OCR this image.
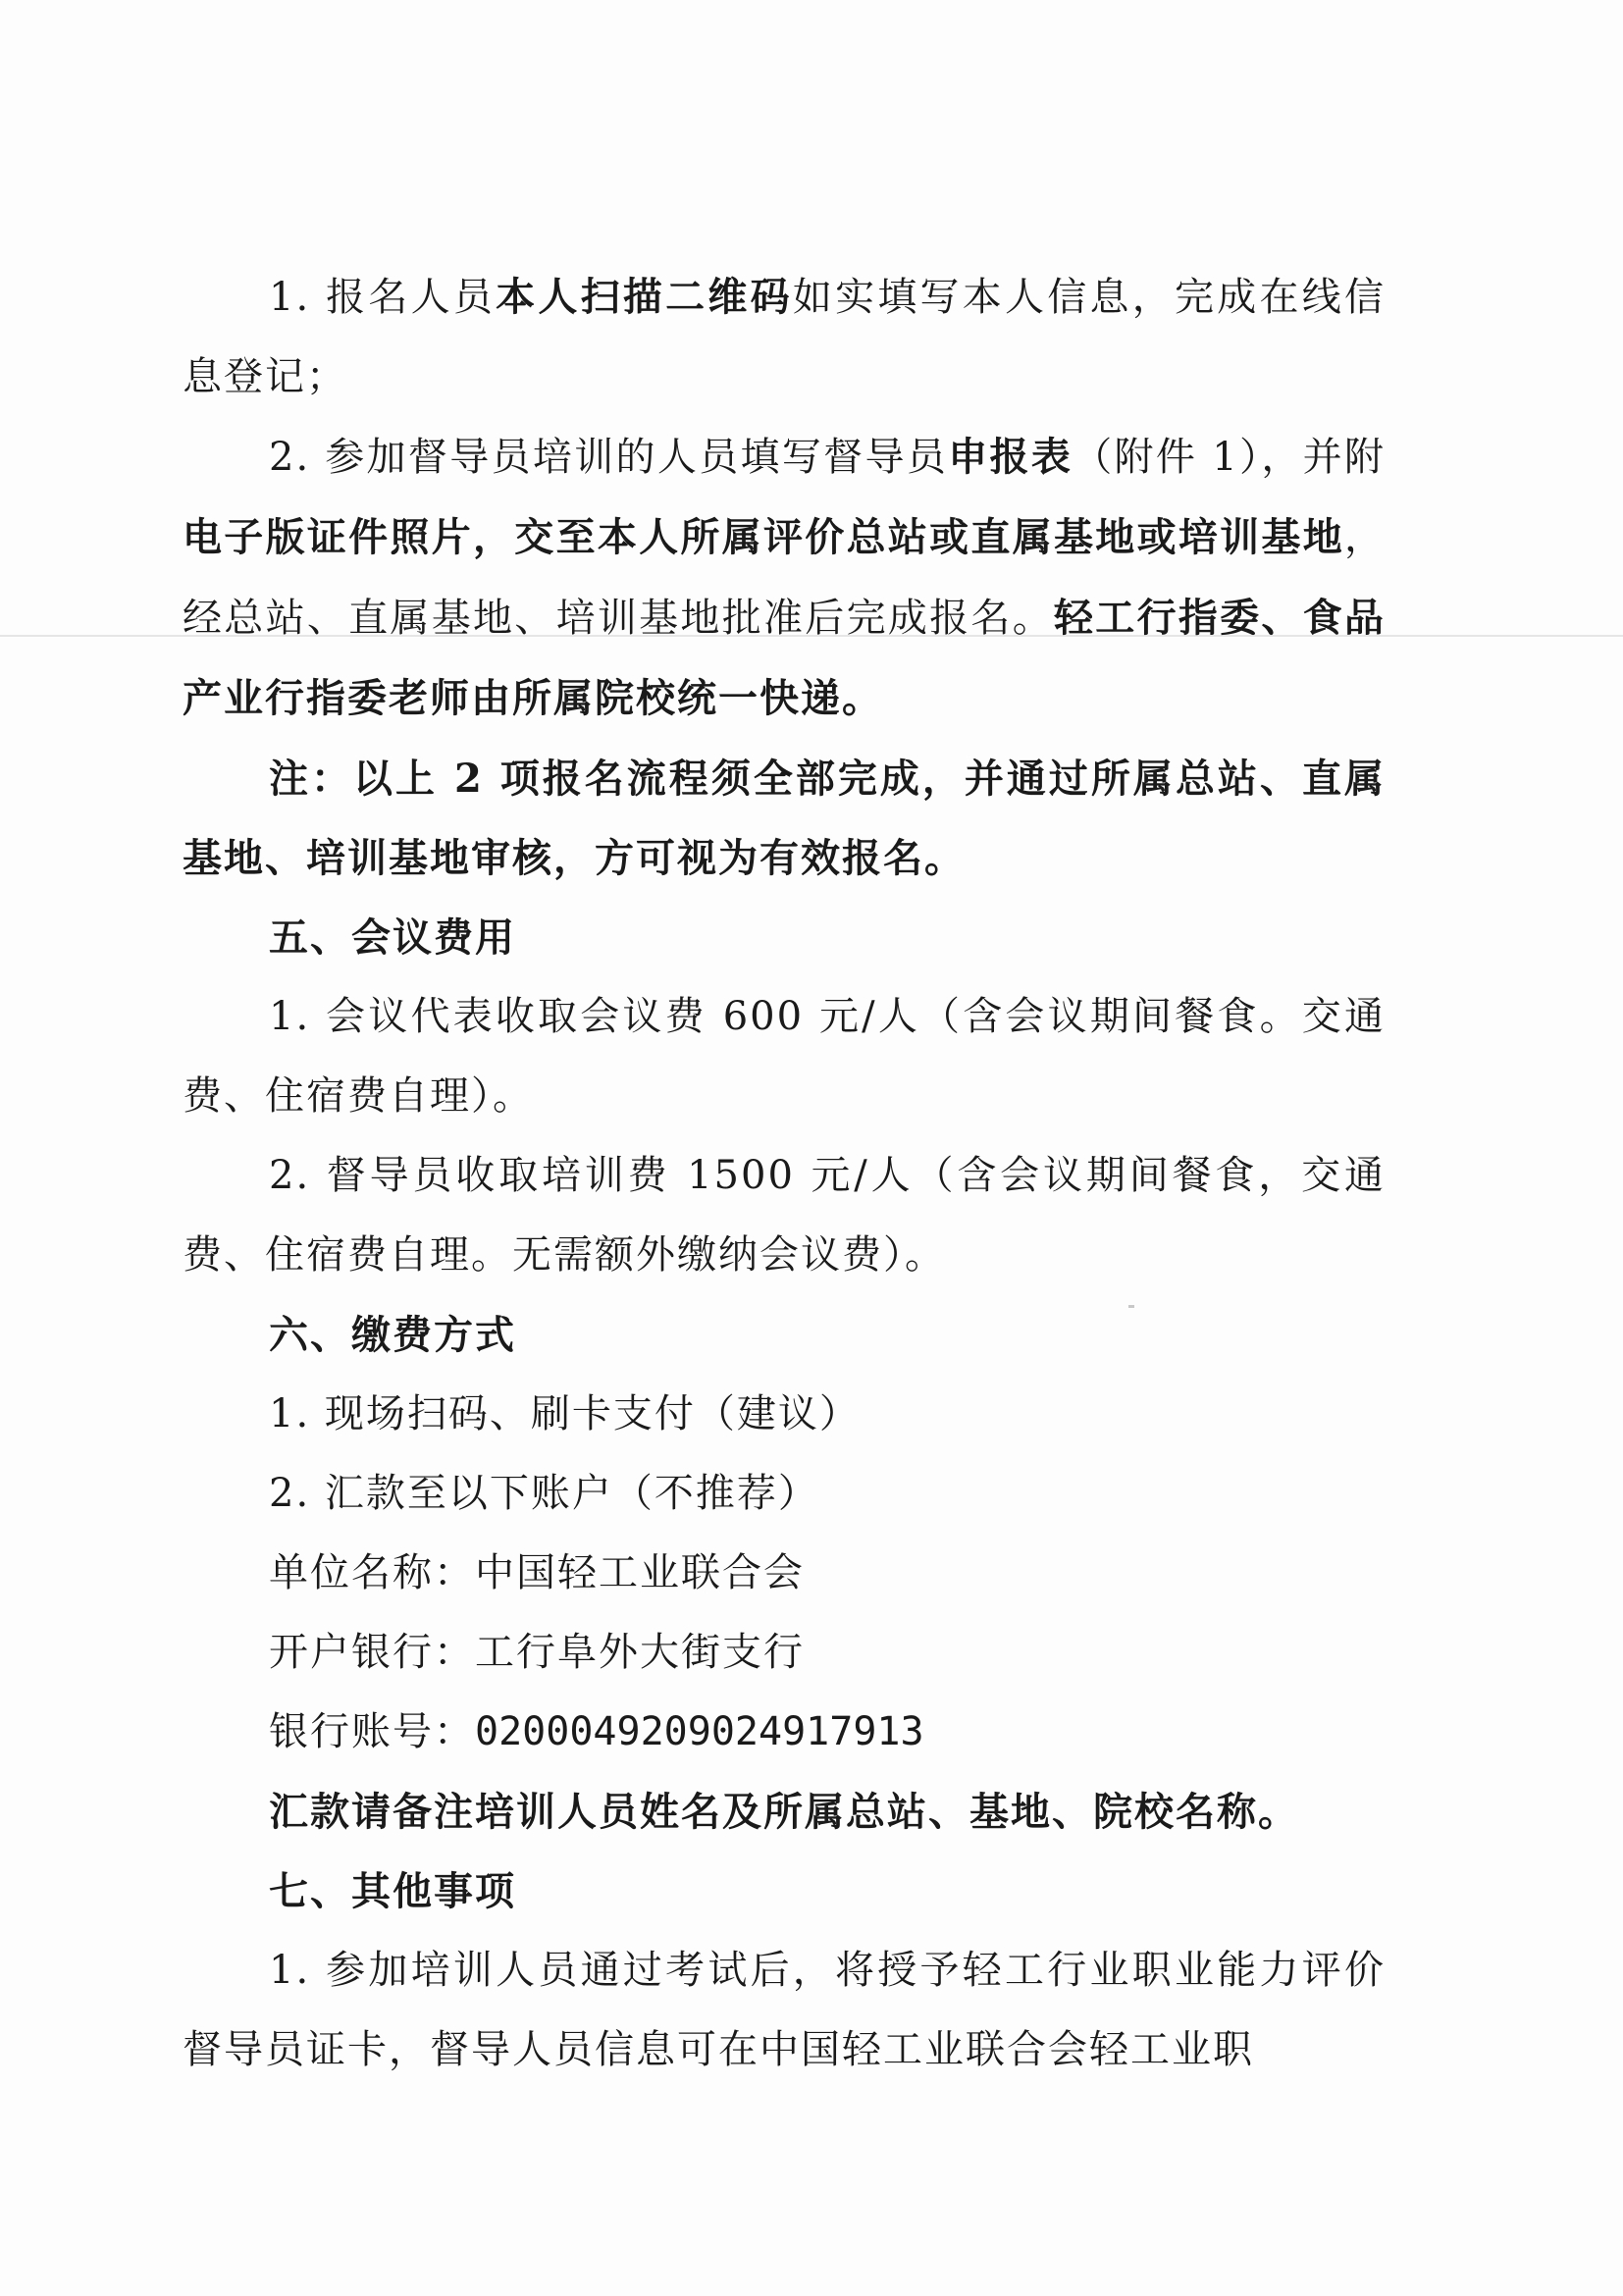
1. 报名人员本人扫描二维码如实填写本人信息，完成在线信息登记；

2. 参加督导员培训的人员填写督导员申报表（附件 1），并附电子版证件照片，交至本人所属评价总站或直属基地或培训基地，经总站、直属基地、培训基地批准后完成报名。轻工行指委、食品产业行指委老师由所属院校统一快递。

注：以上 2 项报名流程须全部完成，并通过所属总站、直属基地、培训基地审核，方可视为有效报名。

五、会议费用

1. 会议代表收取会议费 600 元/人（含会议期间餐食。交通费、住宿费自理）。

2. 督导员收取培训费 1500 元/人（含会议期间餐食，交通费、住宿费自理。无需额外缴纳会议费）。

六、缴费方式

1. 现场扫码、刷卡支付（建议）

2. 汇款至以下账户（不推荐）

单位名称：中国轻工业联合会

开户银行：工行阜外大街支行

银行账号：0200049209024917913

汇款请备注培训人员姓名及所属总站、基地、院校名称。

七、其他事项

1. 参加培训人员通过考试后，将授予轻工行业职业能力评价督导员证卡，督导人员信息可在中国轻工业联合会轻工业职
